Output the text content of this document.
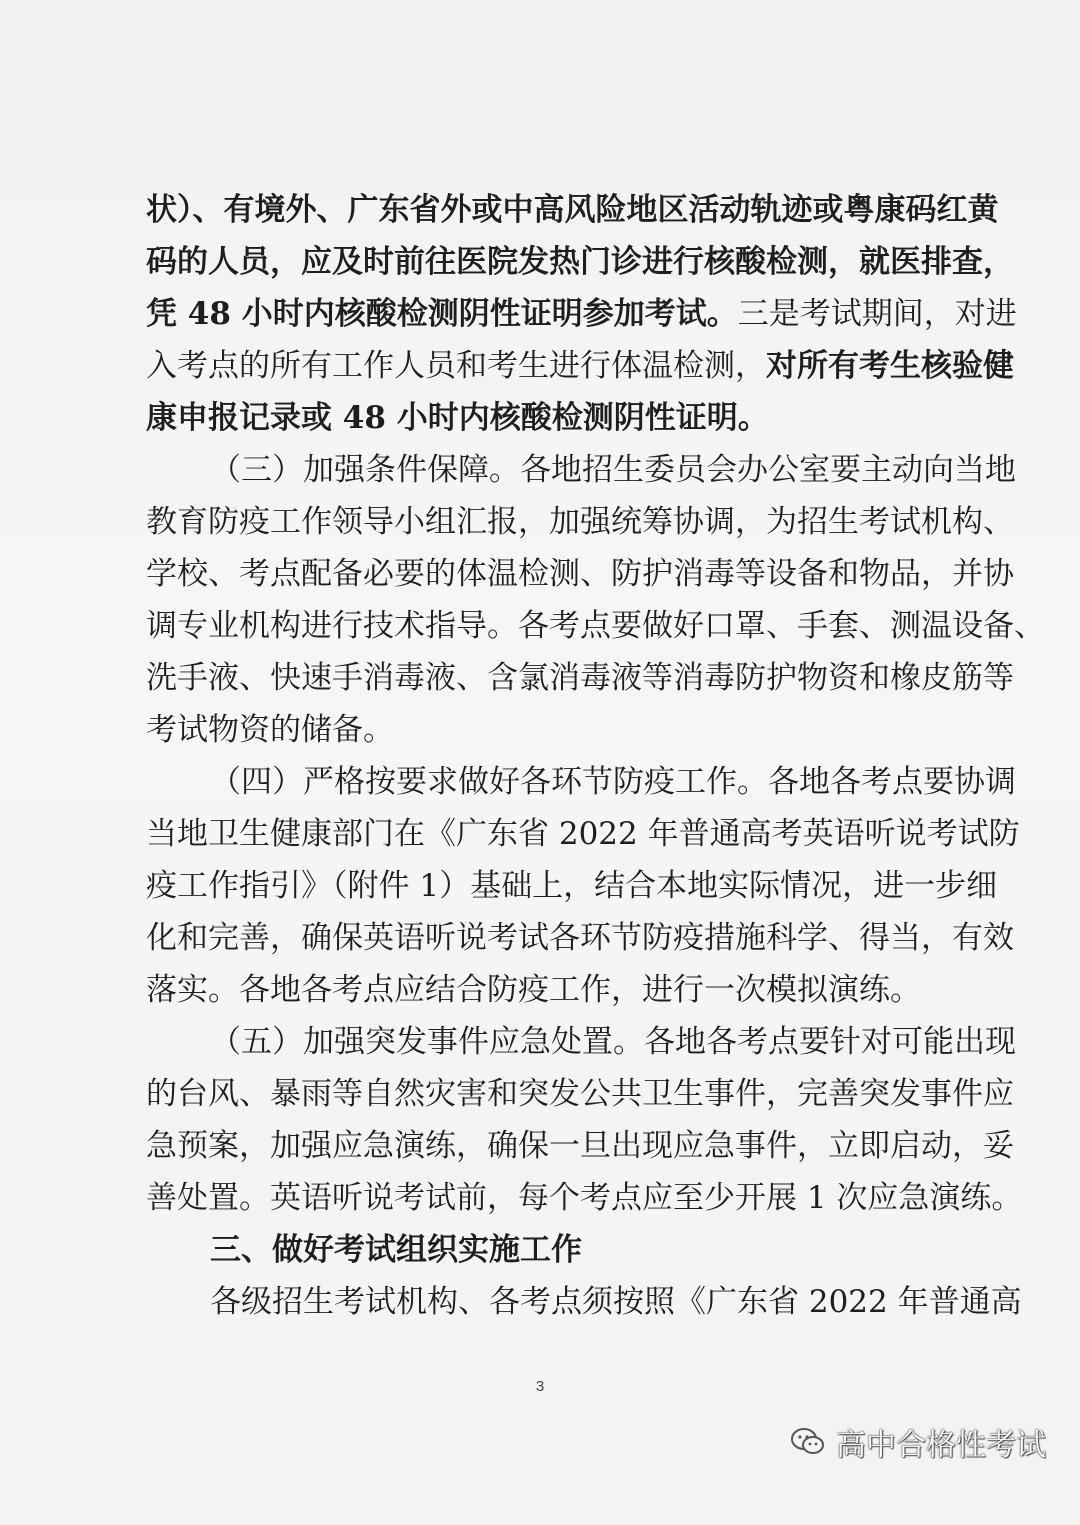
状）、有境外、广东省外或中高风险地区活动轨迹或粤康码红黄
码的人员，应及时前往医院发热门诊进行核酸检测，就医排查，
凭 48 小时内核酸检测阴性证明参加考试。三是考试期间，对进
入考点的所有工作人员和考生进行体温检测，对所有考生核验健
康申报记录或 48 小时内核酸检测阴性证明。
（三）加强条件保障。各地招生委员会办公室要主动向当地
教育防疫工作领导小组汇报，加强统筹协调，为招生考试机构、
学校、考点配备必要的体温检测、防护消毒等设备和物品，并协
调专业机构进行技术指导。各考点要做好口罩、手套、测温设备、
洗手液、快速手消毒液、含氯消毒液等消毒防护物资和橡皮筋等
考试物资的储备。
（四）严格按要求做好各环节防疫工作。各地各考点要协调
当地卫生健康部门在《广东省 2022 年普通高考英语听说考试防
疫工作指引》（附件 1）基础上，结合本地实际情况，进一步细
化和完善，确保英语听说考试各环节防疫措施科学、得当，有效
落实。各地各考点应结合防疫工作，进行一次模拟演练。
（五）加强突发事件应急处置。各地各考点要针对可能出现
的台风、暴雨等自然灾害和突发公共卫生事件，完善突发事件应
急预案，加强应急演练，确保一旦出现应急事件，立即启动，妥
善处置。英语听说考试前，每个考点应至少开展 1 次应急演练。
三、做好考试组织实施工作
各级招生考试机构、各考点须按照《广东省 2022 年普通高
3
高中合格性考试
